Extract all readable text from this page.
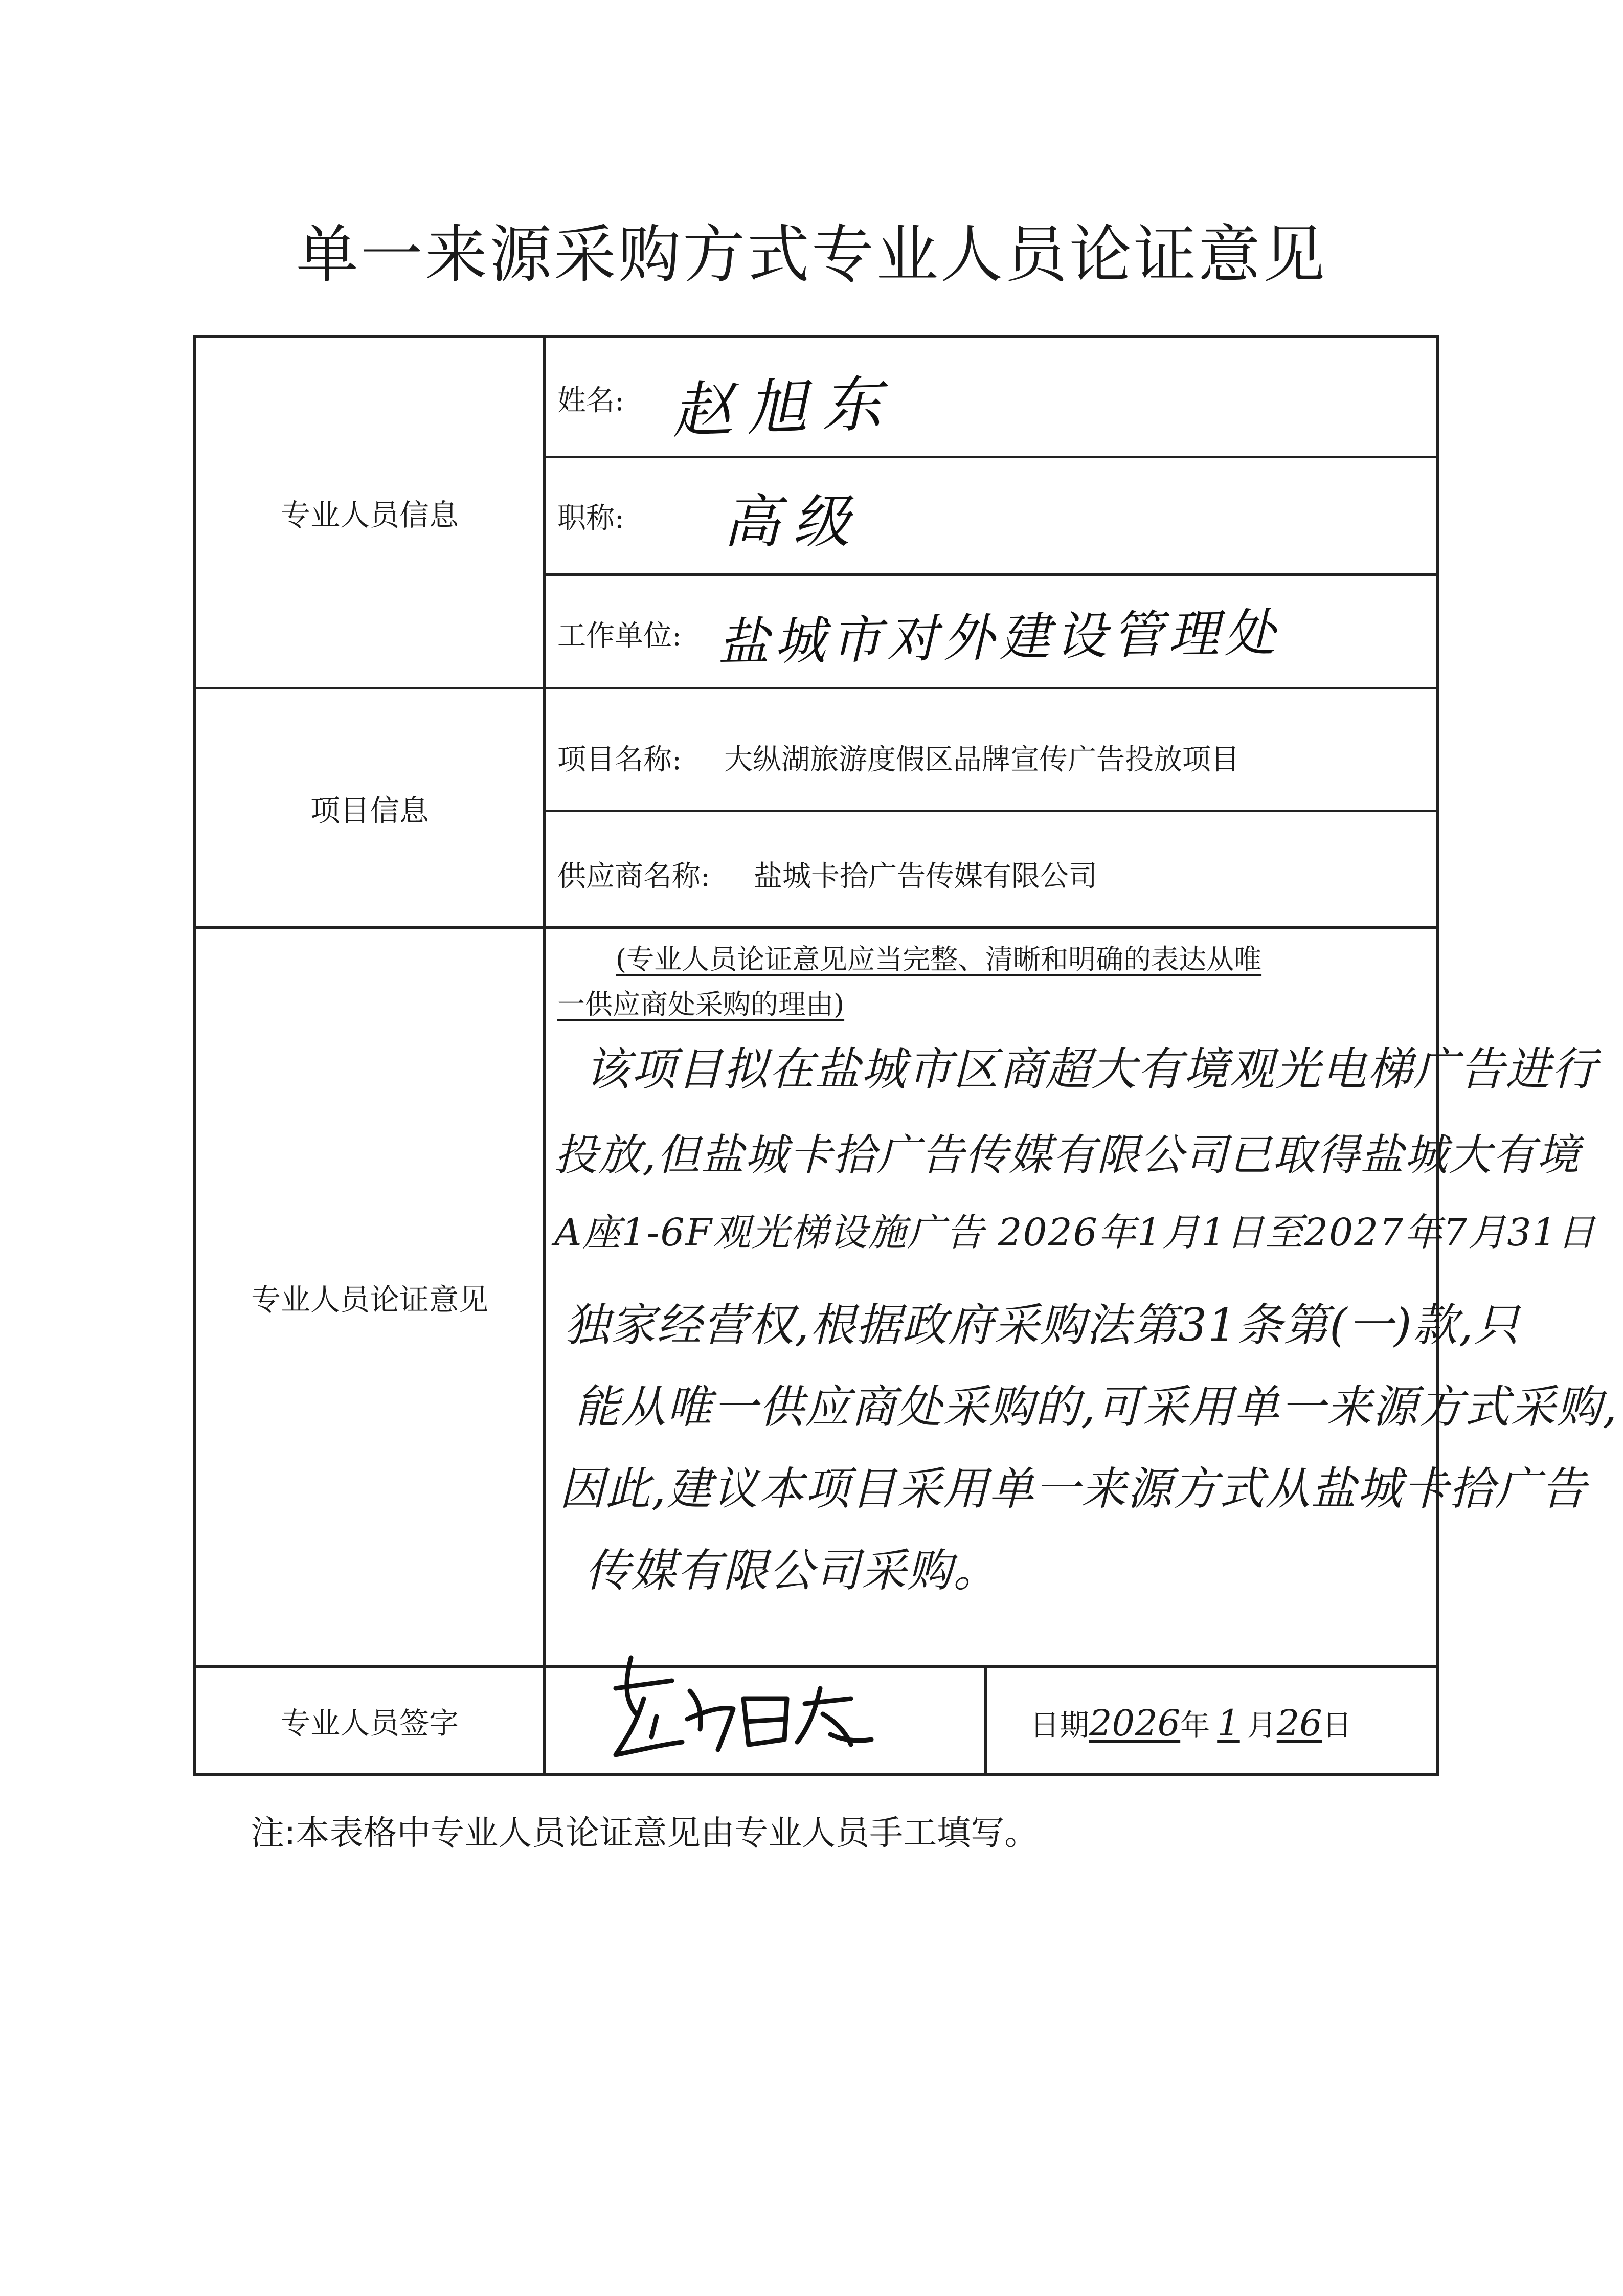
单一来源采购方式专业人员论证意见
专业人员信息
项目信息
专业人员论证意见
专业人员签字
姓名: 赵旭东
职称: 高级
工作单位: 盐城市对外建设管理处
项目名称: 大纵湖旅游度假区品牌宣传广告投放项目
供应商名称: 盐城卡拾广告传媒有限公司
(专业人员论证意见应当完整、清晰和明确的表达从唯
一供应商处采购的理由)
该项目拟在盐城市区商超大有境观光电梯广告进行
投放,但盐城卡拾广告传媒有限公司已取得盐城大有境
A座1-6F观光梯设施广告 2026年1月1日至2027年7月31日
独家经营权,根据政府采购法第31条第(一)款,只
能从唯一供应商处采购的,可采用单一来源方式采购,
因此,建议本项目采用单一来源方式从盐城卡拾广告
传媒有限公司采购。
日期2026年 1 月26日
注:本表格中专业人员论证意见由专业人员手工填写。
